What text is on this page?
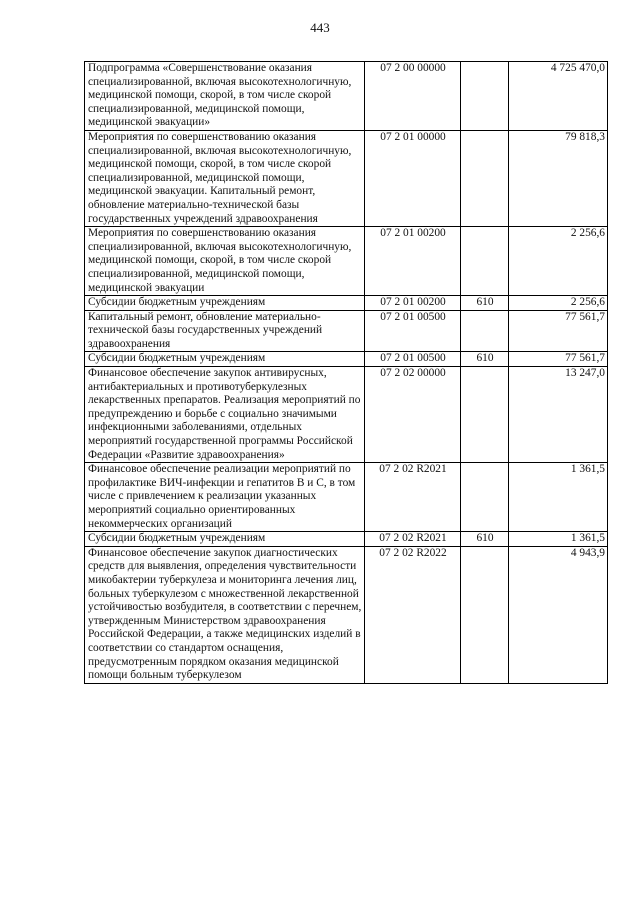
443
Подпрограмма «Совершенствование оказания специализированной, включая высокотехнологичную, медицинской помощи, скорой, в том числе скорой специализированной, медицинской помощи, медицинской эвакуации»	07 2 00 00000		4 725 470,0
Мероприятия по совершенствованию оказания специализированной, включая высокотехнологичную, медицинской помощи, скорой, в том числе скорой специализированной, медицинской помощи, медицинской эвакуации. Капитальный ремонт, обновление материально-технической базы государственных учреждений здравоохранения	07 2 01 00000		79 818,3
Мероприятия по совершенствованию оказания специализированной, включая высокотехнологичную, медицинской помощи, скорой, в том числе скорой специализированной, медицинской помощи, медицинской эвакуации	07 2 01 00200		2 256,6
Субсидии бюджетным учреждениям	07 2 01 00200	610	2 256,6
Капитальный ремонт, обновление материально-технической базы государственных учреждений здравоохранения	07 2 01 00500		77 561,7
Субсидии бюджетным учреждениям	07 2 01 00500	610	77 561,7
Финансовое обеспечение закупок антивирусных, антибактериальных и противотуберкулезных лекарственных препаратов. Реализация мероприятий по предупреждению и борьбе с социально значимыми инфекционными заболеваниями, отдельных мероприятий государственной программы Российской Федерации «Развитие здравоохранения»	07 2 02 00000		13 247,0
Финансовое обеспечение реализации мероприятий по профилактике ВИЧ-инфекции и гепатитов В и С, в том числе с привлечением к реализации указанных мероприятий социально ориентированных некоммерческих организаций	07 2 02 R2021		1 361,5
Субсидии бюджетным учреждениям	07 2 02 R2021	610	1 361,5
Финансовое обеспечение закупок диагностических средств для выявления, определения чувствительности микобактерии туберкулеза и мониторинга лечения лиц, больных туберкулезом с множественной лекарственной устойчивостью возбудителя, в соответствии с перечнем, утвержденным Министерством здравоохранения Российской Федерации, а также медицинских изделий в соответствии со стандартом оснащения, предусмотренным порядком оказания медицинской помощи больным туберкулезом	07 2 02 R2022		4 943,9
